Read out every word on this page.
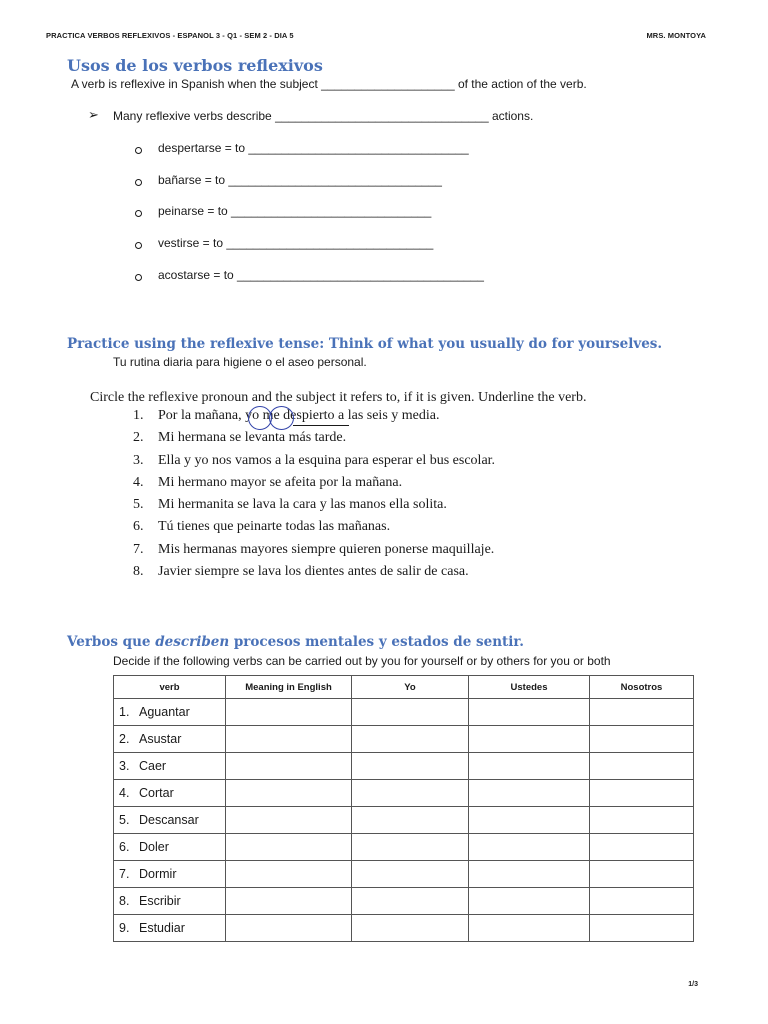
PRACTICA VERBOS REFLEXIVOS - ESPANOL 3 - Q1 - SEM 2 - DIA 5	MRS. MONTOYA
Usos de los verbos reflexivos
A verb is reflexive in Spanish when the subject ____________________ of the action of the verb.
➢ Many reflexive verbs describe ________________________________ actions.
despertarse = to _________________________________
bañarse = to ________________________________
peinarse = to ______________________________
vestirse = to _______________________________
acostarse = to _____________________________________
Practice using the reflexive tense: Think of what you usually do for yourselves.
Tu rutina diaria para higiene o el aseo personal.
Circle the reflexive pronoun and the subject it refers to, if it is given. Underline the verb.
1. Por la mañana, yo me despierto a las seis y media.
2. Mi hermana se levanta más tarde.
3. Ella y yo nos vamos a la esquina para esperar el bus escolar.
4. Mi hermano mayor se afeita por la mañana.
5. Mi hermanita se lava la cara y las manos ella solita.
6. Tú tienes que peinarte todas las mañanas.
7. Mis hermanas mayores siempre quieren ponerse maquillaje.
8. Javier siempre se lava los dientes antes de salir de casa.
Verbos que describen procesos mentales y estados de sentir.
Decide if the following verbs can be carried out by you for yourself or by others for you or both
verb	Meaning in English	Yo	Ustedes	Nosotros
1. Aguantar				
2. Asustar				
3. Caer				
4. Cortar				
5. Descansar				
6. Doler				
7. Dormir				
8. Escribir				
9. Estudiar				
1/3
